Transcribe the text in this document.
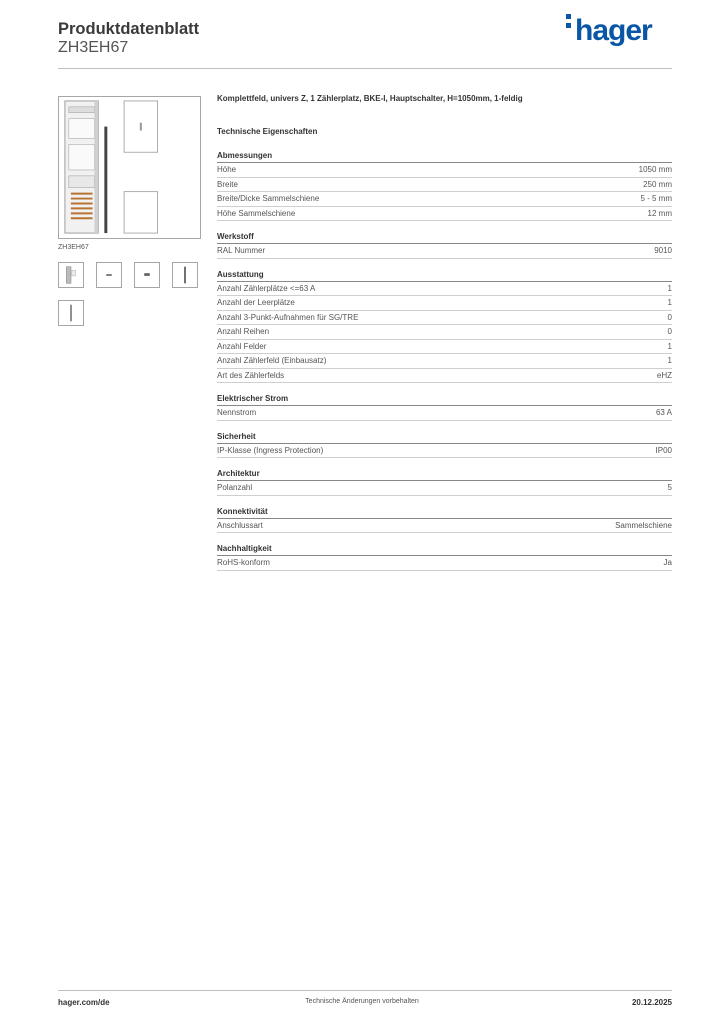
Produktdatenblatt
ZH3EH67
hager
ZH3EH67
Komplettfeld, univers Z, 1 Zählerplatz, BKE-I, Hauptschalter, H=1050mm, 1-feldig
Technische Eigenschaften
Abmessungen
Höhe	1050 mm
Breite	250 mm
Breite/Dicke Sammelschiene	5 - 5 mm
Höhe Sammelschiene	12 mm
Werkstoff
RAL Nummer	9010
Ausstattung
Anzahl Zählerplätze <=63 A	1
Anzahl der Leerplätze	1
Anzahl 3-Punkt-Aufnahmen für SG/TRE	0
Anzahl Reihen	0
Anzahl Felder	1
Anzahl Zählerfeld (Einbausatz)	1
Art des Zählerfelds	eHZ
Elektrischer Strom
Nennstrom	63 A
Sicherheit
IP-Klasse (Ingress Protection)	IP00
Architektur
Polanzahl	5
Konnektivität
Anschlussart	Sammelschiene
Nachhaltigkeit
RoHS-konform	Ja
hager.com/de	Technische Änderungen vorbehalten	20.12.2025
